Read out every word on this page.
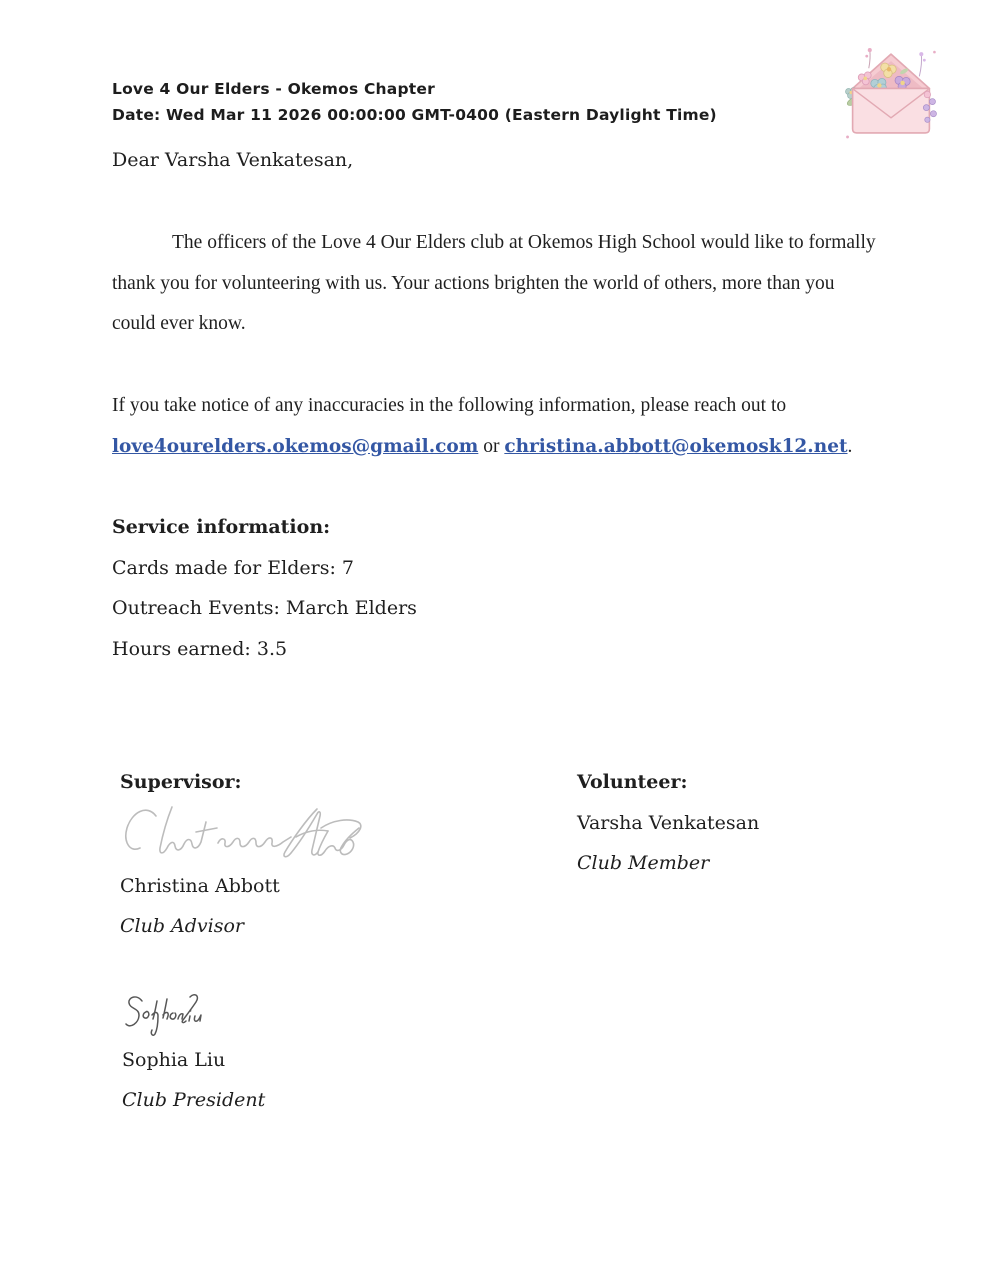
Love 4 Our Elders - Okemos Chapter
Date: Wed Mar 11 2026 00:00:00 GMT-0400 (Eastern Daylight Time)
Dear Varsha Venkatesan,
The officers of the Love 4 Our Elders club at Okemos High School would like to formally
thank you for volunteering with us. Your actions brighten the world of others, more than you
could ever know.
If you take notice of any inaccuracies in the following information, please reach out to
love4ourelders.okemos@gmail.com or christina.abbott@okemosk12.net.
Service information:
Cards made for Elders: 7
Outreach Events: March Elders
Hours earned: 3.5
Supervisor:
Christina Abbott
Club Advisor
Volunteer:
Varsha Venkatesan
Club Member
Sophia Liu
Club President
